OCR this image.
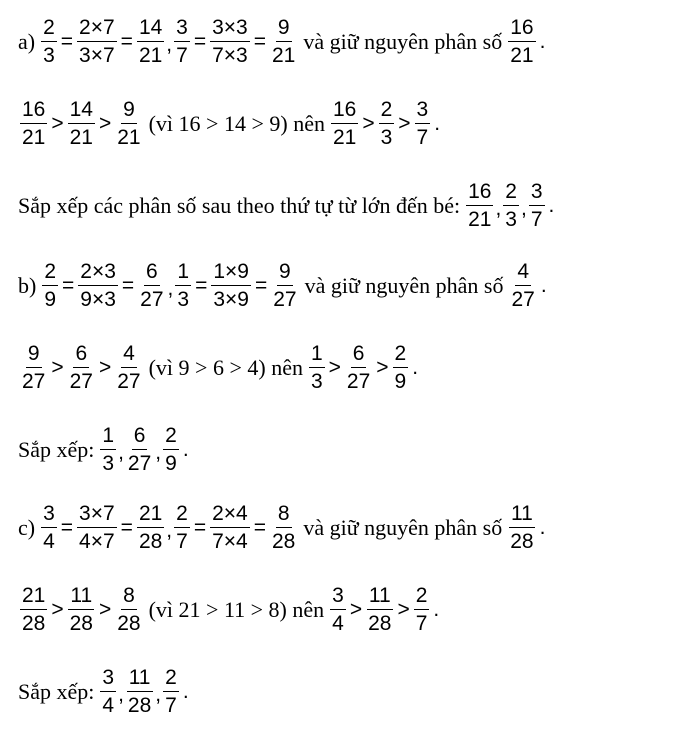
$a) \frac{2}{3} = \frac{2\times 7}{3\times 7} = \frac{14}{21}$ , $\frac{3}{7} = \frac{3\times 3}{7\times 3} = \frac{9}{21}$ và giữ nguyên phân số $\frac{16}{21}$ .
$\frac{16}{21} > \frac{14}{21} > \frac{9}{21}$ (vì 16 > 14 > 9) nên $\frac{16}{21} > \frac{2}{3} > \frac{3}{7}$ .
Sắp xếp các phân số sau theo thứ tự từ lớn đến bé: $\frac{16}{21}$ , $\frac{2}{3}$ , $\frac{3}{7}$ .
$b) \frac{2}{9} = \frac{2\times 3}{9\times 3} = \frac{6}{27}$ , $\frac{1}{3} = \frac{1\times 9}{3\times 9} = \frac{9}{27}$ và giữ nguyên phân số $\frac{4}{27}$ .
$\frac{9}{27} > \frac{6}{27} > \frac{4}{27}$ (vì 9 > 6 > 4) nên $\frac{1}{3} > \frac{6}{27} > \frac{2}{9}$ .
Sắp xếp: $\frac{1}{3}$ , $\frac{6}{27}$ , $\frac{2}{9}$ .
$c) \frac{3}{4} = \frac{3\times 7}{4\times 7} = \frac{21}{28}$ , $\frac{2}{7} = \frac{2\times 4}{7\times 4} = \frac{8}{28}$ và giữ nguyên phân số $\frac{11}{28}$ .
$\frac{21}{28} > \frac{11}{28} > \frac{8}{28}$ (vì 21 > 11 > 8) nên $\frac{3}{4} > \frac{11}{28} > \frac{2}{7}$ .
Sắp xếp: $\frac{3}{4}$ , $\frac{11}{28}$ , $\frac{2}{7}$ .
